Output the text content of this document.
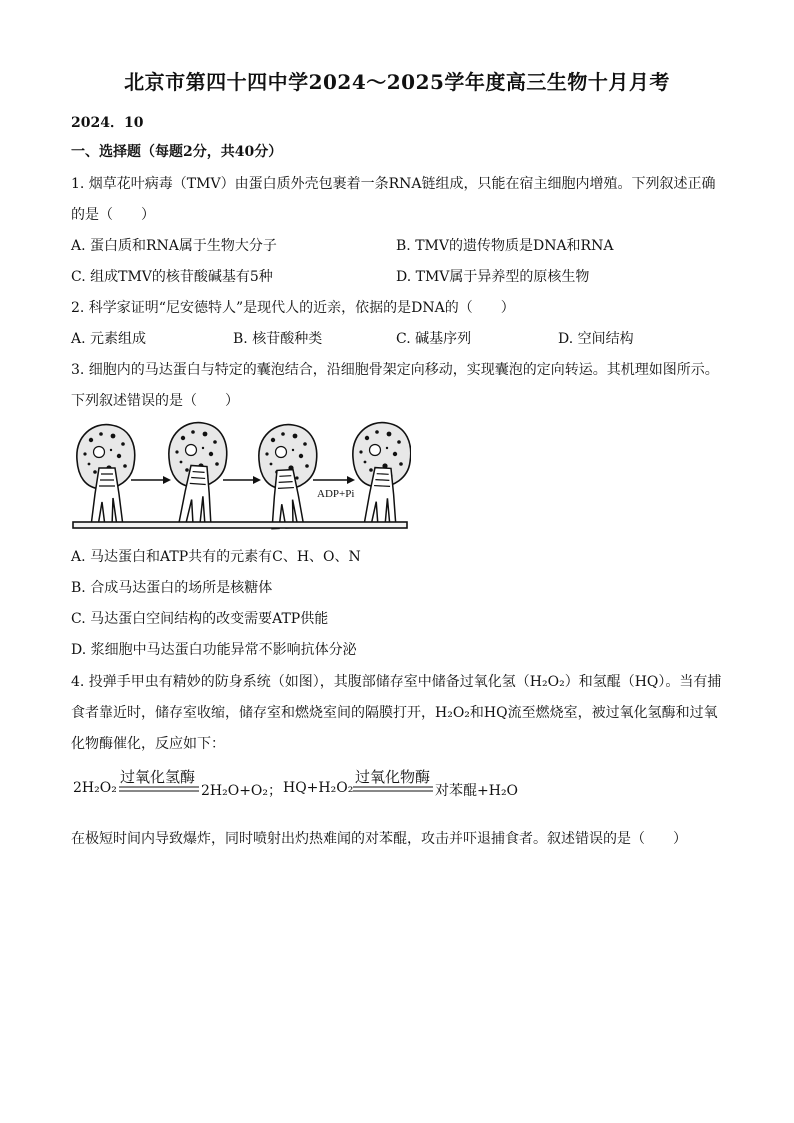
北京市第四十四中学2024～2025学年度高三生物十月月考
2024．10
一、选择题（每题2分，共40分）
1. 烟草花叶病毒（TMV）由蛋白质外壳包裹着一条RNA链组成，只能在宿主细胞内增殖。下列叙述正确
的是（　　）
A. 蛋白质和RNA属于生物大分子	B. TMV的遗传物质是DNA和RNA
C. 组成TMV的核苷酸碱基有5种	D. TMV属于异养型的原核生物
2. 科学家证明“尼安德特人”是现代人的近亲，依据的是DNA的（　　）
A. 元素组成	B. 核苷酸种类	C. 碱基序列	D. 空间结构
3. 细胞内的马达蛋白与特定的囊泡结合，沿细胞骨架定向移动，实现囊泡的定向转运。其机理如图所示。
下列叙述错误的是（　　）
ADP+Pi
A. 马达蛋白和ATP共有的元素有C、H、O、N
B. 合成马达蛋白的场所是核糖体
C. 马达蛋白空间结构的改变需要ATP供能
D. 浆细胞中马达蛋白功能异常不影响抗体分泌
4. 投弹手甲虫有精妙的防身系统（如图），其腹部储存室中储备过氧化氢（H₂O₂）和氢醌（HQ）。当有捕
食者靠近时，储存室收缩，储存室和燃烧室间的隔膜打开，H₂O₂和HQ流至燃烧室，被过氧化氢酶和过氧
化物酶催化，反应如下：
2H₂O₂
过氧化氢酶
2H₂O+O₂； HQ+H₂O₂
过氧化物酶
对苯醌+H₂O
在极短时间内导致爆炸，同时喷射出灼热难闻的对苯醌，攻击并吓退捕食者。叙述错误的是（　　）
